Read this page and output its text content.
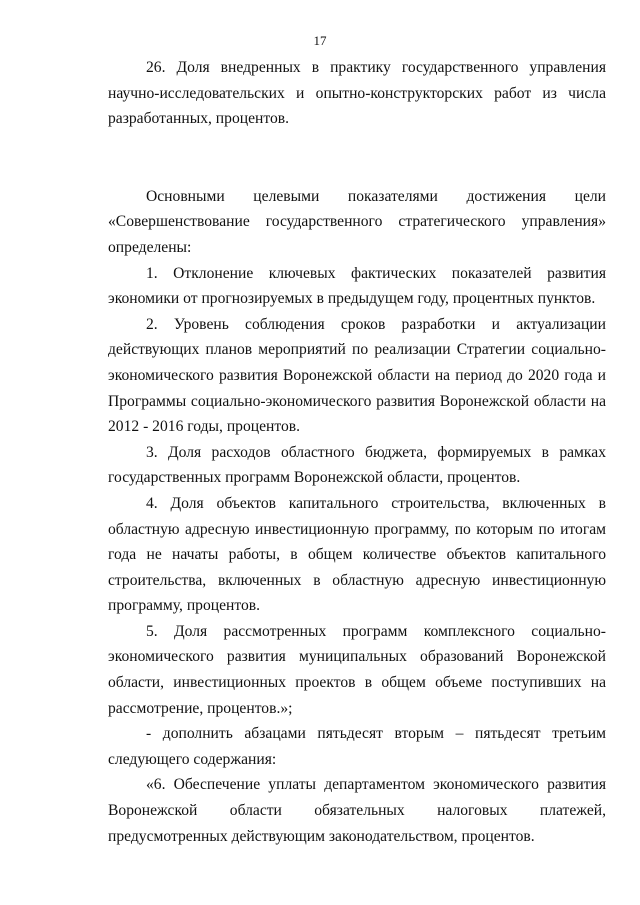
17

26. Доля внедренных в практику государственного управления научно-исследовательских и опытно-конструкторских работ из числа разработанных, процентов.

Основными целевыми показателями достижения цели «Совершенствование государственного стратегического управления» определены:

1. Отклонение ключевых фактических показателей развития экономики от прогнозируемых в предыдущем году, процентных пунктов.

2. Уровень соблюдения сроков разработки и актуализации действующих планов мероприятий по реализации Стратегии социально-экономического развития Воронежской области на период до 2020 года и Программы социально-экономического развития Воронежской области на 2012 - 2016 годы, процентов.

3. Доля расходов областного бюджета, формируемых в рамках государственных программ Воронежской области, процентов.

4. Доля объектов капитального строительства, включенных в областную адресную инвестиционную программу, по которым по итогам года не начаты работы, в общем количестве объектов капитального строительства, включенных в областную адресную инвестиционную программу, процентов.

5. Доля рассмотренных программ комплексного социально-экономического развития муниципальных образований Воронежской области, инвестиционных проектов в общем объеме поступивших на рассмотрение, процентов.»;

- дополнить абзацами пятьдесят вторым – пятьдесят третьим следующего содержания:

«6. Обеспечение уплаты департаментом экономического развития Воронежской области обязательных налоговых платежей, предусмотренных действующим законодательством, процентов.
